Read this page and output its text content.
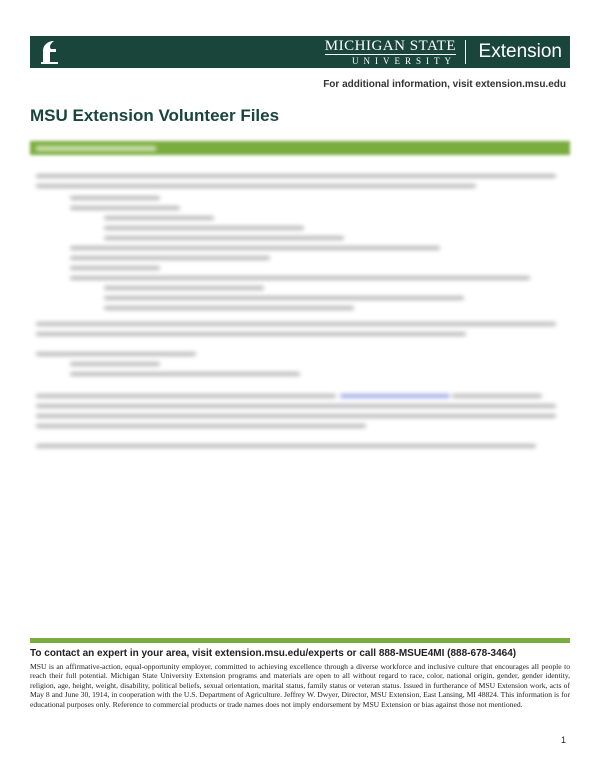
MICHIGAN STATE
UNIVERSITY Extension
For additional information, visit extension.msu.edu
MSU Extension Volunteer Files
To contact an expert in your area, visit extension.msu.edu/experts or call 888-MSUE4MI (888-678-3464)
MSU is an affirmative-action, equal-opportunity employer, committed to achieving excellence through a diverse workforce and inclusive culture that encourages all people to reach their full potential. Michigan State University Extension programs and materials are open to all without regard to race, color, national origin, gender, gender identity, religion, age, height, weight, disability, political beliefs, sexual orientation, marital status, family status or veteran status. Issued in furtherance of MSU Extension work, acts of May 8 and June 30, 1914, in cooperation with the U.S. Department of Agriculture. Jeffrey W. Dwyer, Director, MSU Extension, East Lansing, MI 48824. This information is for educational purposes only. Reference to commercial products or trade names does not imply endorsement by MSU Extension or bias against those not mentioned.
1
